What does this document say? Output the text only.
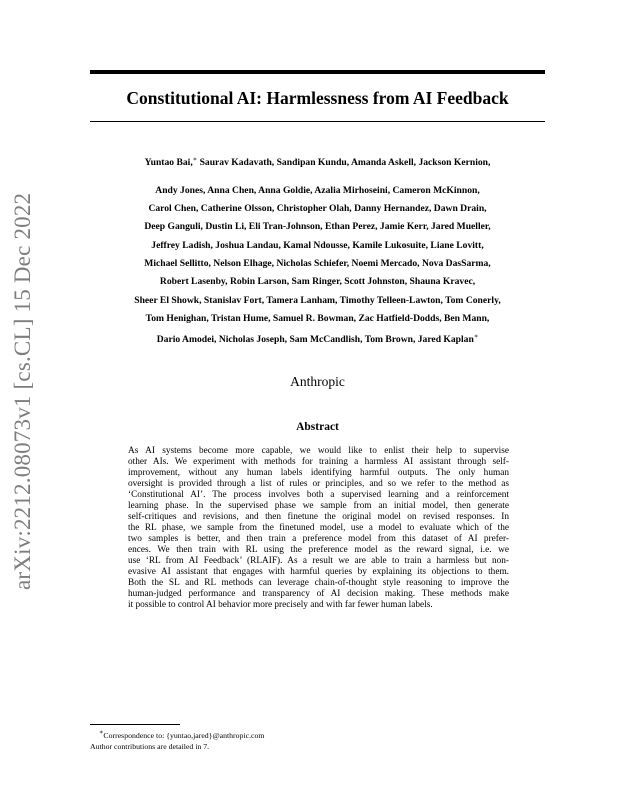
arXiv:2212.08073v1 [cs.CL] 15 Dec 2022
Constitutional AI: Harmlessness from AI Feedback
Yuntao Bai,∗ Saurav Kadavath, Sandipan Kundu, Amanda Askell, Jackson Kernion,
Andy Jones, Anna Chen, Anna Goldie, Azalia Mirhoseini, Cameron McKinnon,
Carol Chen, Catherine Olsson, Christopher Olah, Danny Hernandez, Dawn Drain,
Deep Ganguli, Dustin Li, Eli Tran-Johnson, Ethan Perez, Jamie Kerr, Jared Mueller,
Jeffrey Ladish, Joshua Landau, Kamal Ndousse, Kamile Lukosuite, Liane Lovitt,
Michael Sellitto, Nelson Elhage, Nicholas Schiefer, Noemi Mercado, Nova DasSarma,
Robert Lasenby, Robin Larson, Sam Ringer, Scott Johnston, Shauna Kravec,
Sheer El Showk, Stanislav Fort, Tamera Lanham, Timothy Telleen-Lawton, Tom Conerly,
Tom Henighan, Tristan Hume, Samuel R. Bowman, Zac Hatfield-Dodds, Ben Mann,
Dario Amodei, Nicholas Joseph, Sam McCandlish, Tom Brown, Jared Kaplan∗
Anthropic
Abstract
As AI systems become more capable, we would like to enlist their help to supervise
other AIs. We experiment with methods for training a harmless AI assistant through self-
improvement, without any human labels identifying harmful outputs. The only human
oversight is provided through a list of rules or principles, and so we refer to the method as
‘Constitutional AI’. The process involves both a supervised learning and a reinforcement
learning phase. In the supervised phase we sample from an initial model, then generate
self-critiques and revisions, and then finetune the original model on revised responses. In
the RL phase, we sample from the finetuned model, use a model to evaluate which of the
two samples is better, and then train a preference model from this dataset of AI prefer-
ences. We then train with RL using the preference model as the reward signal, i.e. we
use ‘RL from AI Feedback’ (RLAIF). As a result we are able to train a harmless but non-
evasive AI assistant that engages with harmful queries by explaining its objections to them.
Both the SL and RL methods can leverage chain-of-thought style reasoning to improve the
human-judged performance and transparency of AI decision making. These methods make
it possible to control AI behavior more precisely and with far fewer human labels.
∗Correspondence to: {yuntao,jared}@anthropic.com
Author contributions are detailed in 7.
